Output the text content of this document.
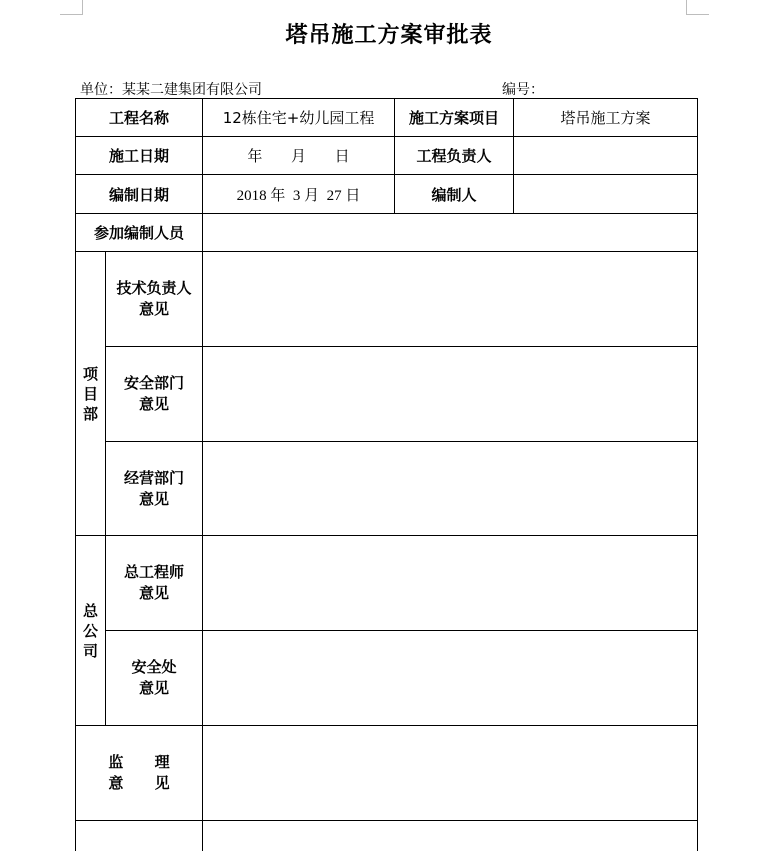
塔吊施工方案审批表
单位：某某二建集团有限公司	编号：
工程名称		12栋住宅+幼儿园工程	施工方案项目	塔吊施工方案
施工日期		年      月      日	工程负责人	
编制日期		2018 年  3 月  27 日	编制人	
参加编制人员				

项目部	技术负责人
意见			

	安全部门
意见			

	经营部门
意见			

总公司	总工程师
意见			

	安全处
意见			

监      理
意      见				
